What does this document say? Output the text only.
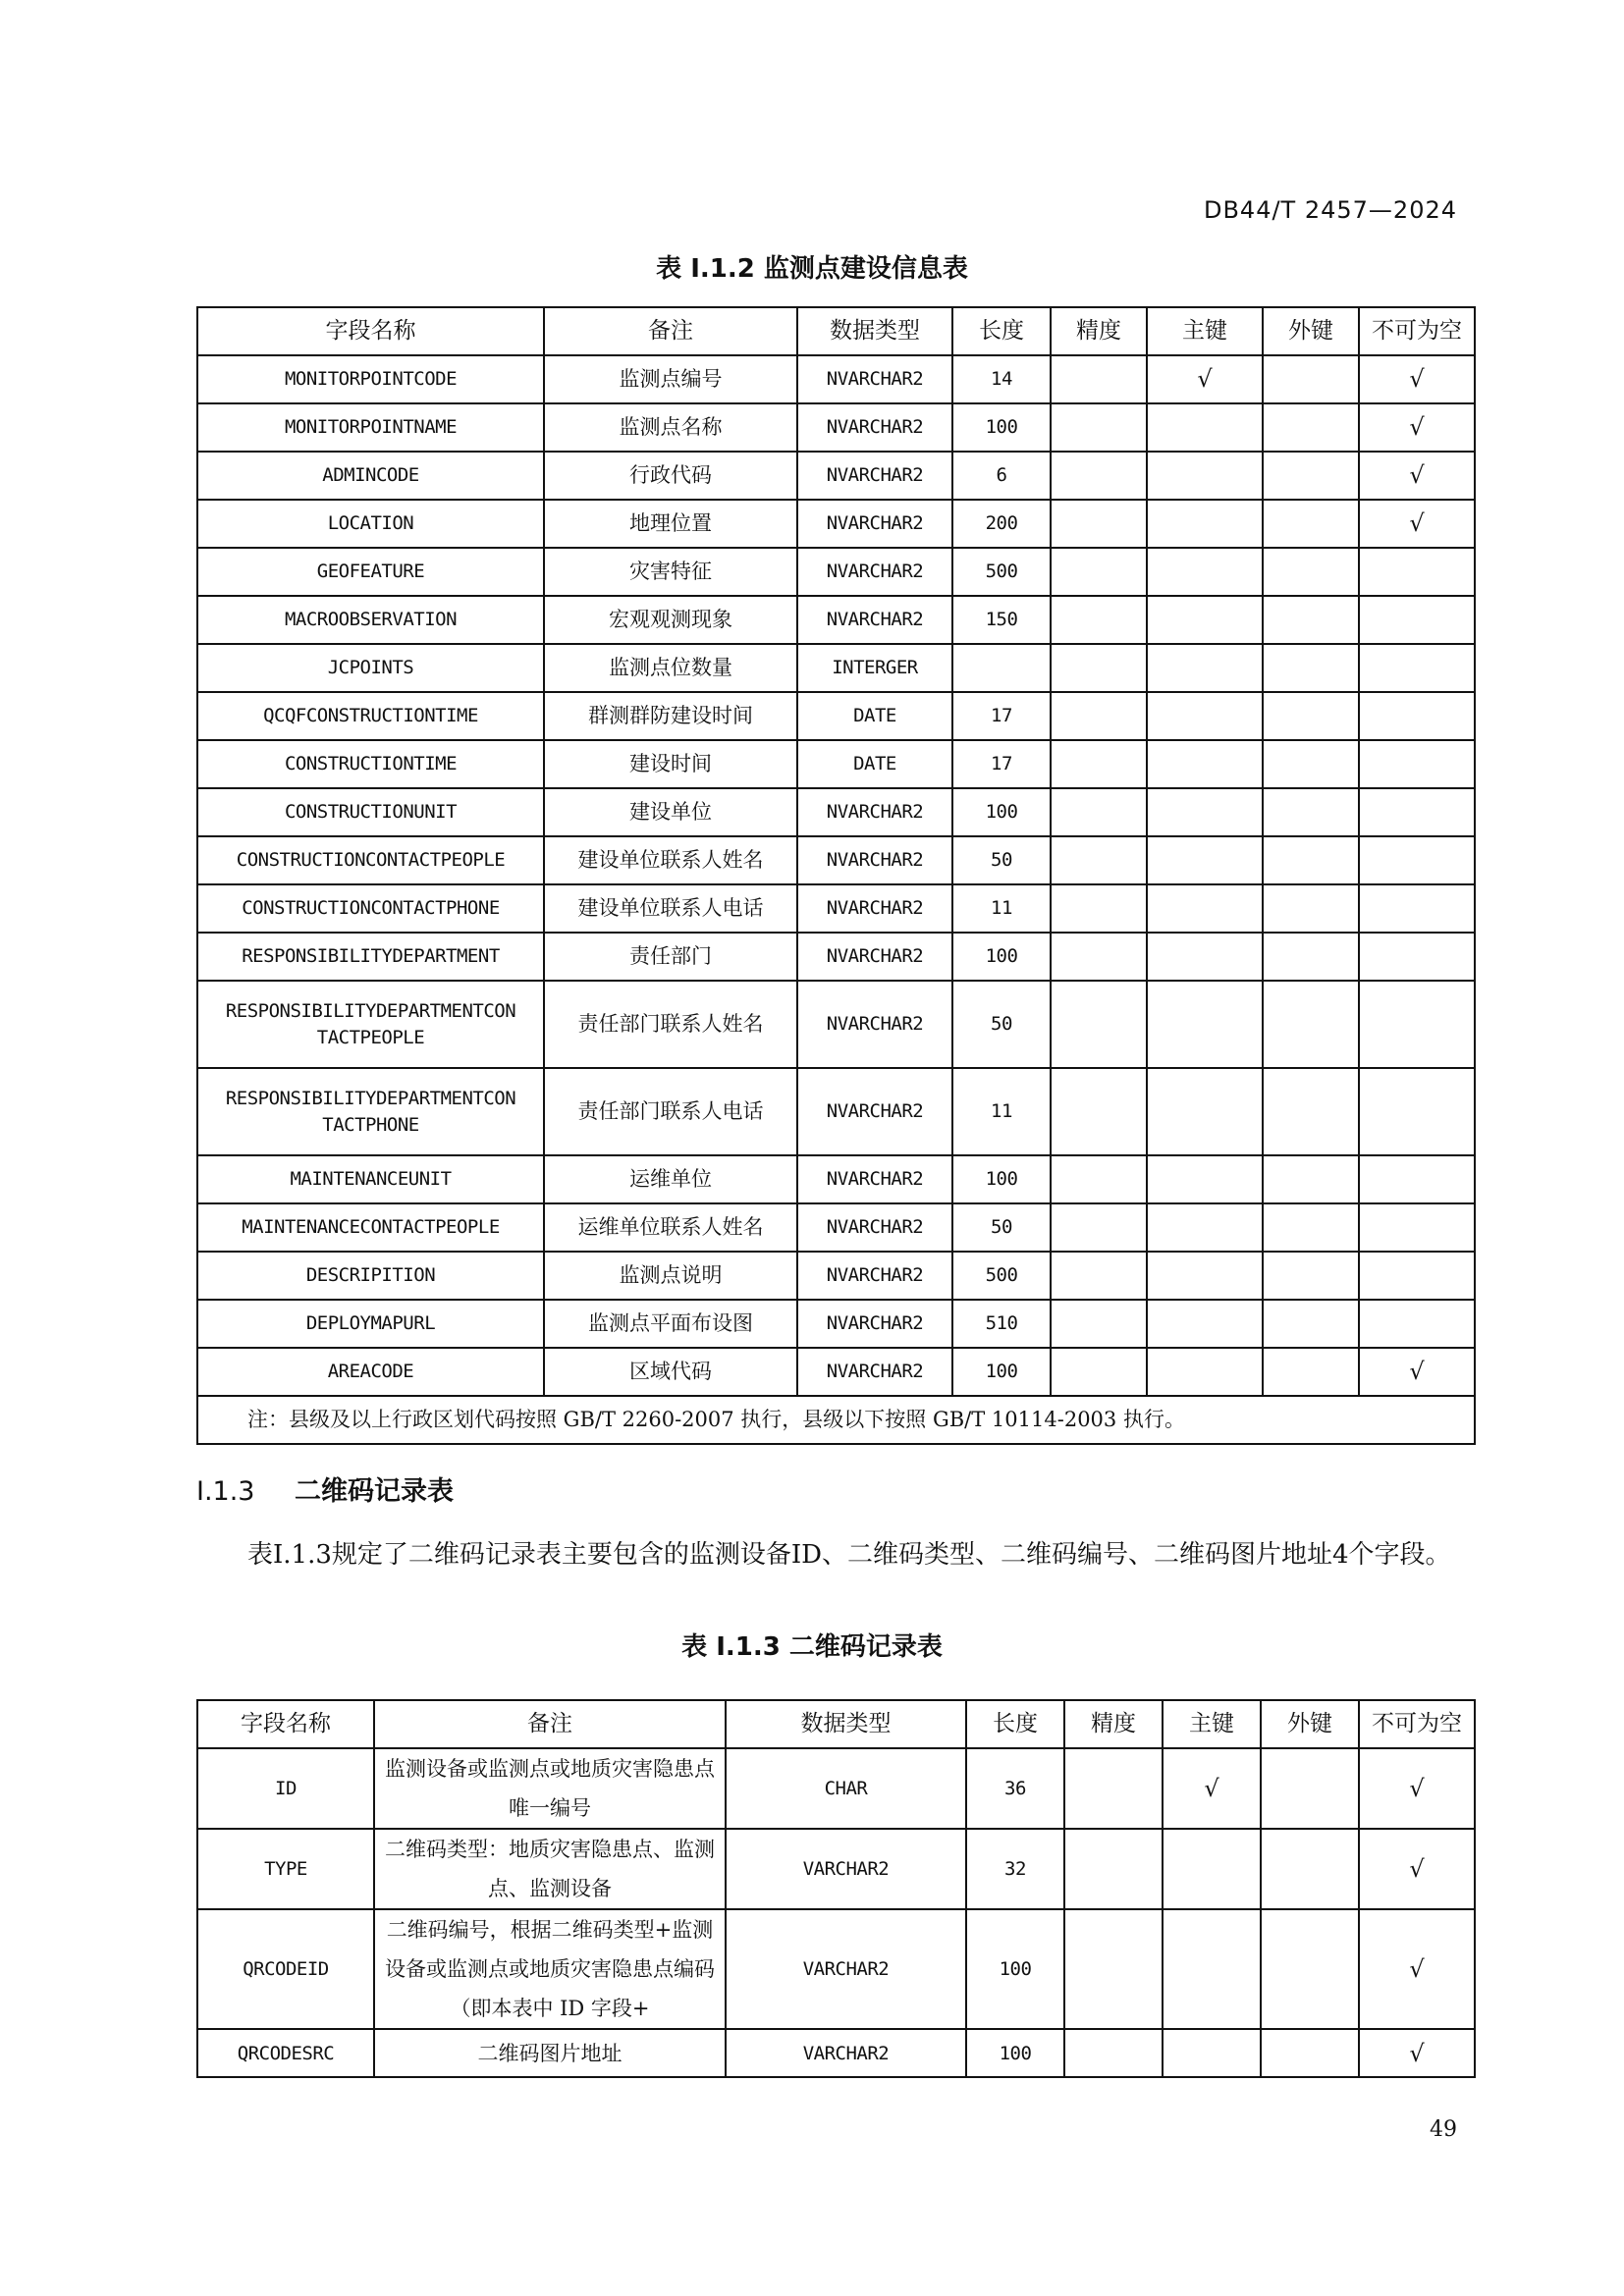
DB44/T 2457—2024
表 I.1.2 监测点建设信息表
字段名称	备注	数据类型	长度	精度	主键	外键	不可为空
MONITORPOINTCODE	监测点编号	NVARCHAR2	14		√		√
MONITORPOINTNAME	监测点名称	NVARCHAR2	100				√
ADMINCODE	行政代码	NVARCHAR2	6				√
LOCATION	地理位置	NVARCHAR2	200				√
GEOFEATURE	灾害特征	NVARCHAR2	500				
MACROOBSERVATION	宏观观测现象	NVARCHAR2	150				
JCPOINTS	监测点位数量	INTERGER					
QCQFCONSTRUCTIONTIME	群测群防建设时间	DATE	17				
CONSTRUCTIONTIME	建设时间	DATE	17				
CONSTRUCTIONUNIT	建设单位	NVARCHAR2	100				
CONSTRUCTIONCONTACTPEOPLE	建设单位联系人姓名	NVARCHAR2	50				
CONSTRUCTIONCONTACTPHONE	建设单位联系人电话	NVARCHAR2	11				
RESPONSIBILITYDEPARTMENT	责任部门	NVARCHAR2	100				
RESPONSIBILITYDEPARTMENTCON TACTPEOPLE	责任部门联系人姓名	NVARCHAR2	50				
RESPONSIBILITYDEPARTMENTCON TACTPHONE	责任部门联系人电话	NVARCHAR2	11				
MAINTENANCEUNIT	运维单位	NVARCHAR2	100				
MAINTENANCECONTACTPEOPLE	运维单位联系人姓名	NVARCHAR2	50				
DESCRIPITION	监测点说明	NVARCHAR2	500				
DEPLOYMAPURL	监测点平面布设图	NVARCHAR2	510				
AREACODE	区域代码	NVARCHAR2	100				√
注：县级及以上行政区划代码按照 GB/T 2260-2007 执行，县级以下按照 GB/T 10114-2003 执行。							
I.1.3 二维码记录表
表I.1.3规定了二维码记录表主要包含的监测设备ID、二维码类型、二维码编号、二维码图片地址4个字段。
表 I.1.3 二维码记录表
字段名称	备注	数据类型	长度	精度	主键	外键	不可为空
ID	监测设备或监测点或地质灾害隐患点唯一编号	CHAR	36		√		√
TYPE	二维码类型：地质灾害隐患点、监测点、监测设备	VARCHAR2	32				√
QRCODEID	二维码编号，根据二维码类型+监测设备或监测点或地质灾害隐患点编码（即本表中 ID 字段+	VARCHAR2	100				√
QRCODESRC	二维码图片地址	VARCHAR2	100				√
49
